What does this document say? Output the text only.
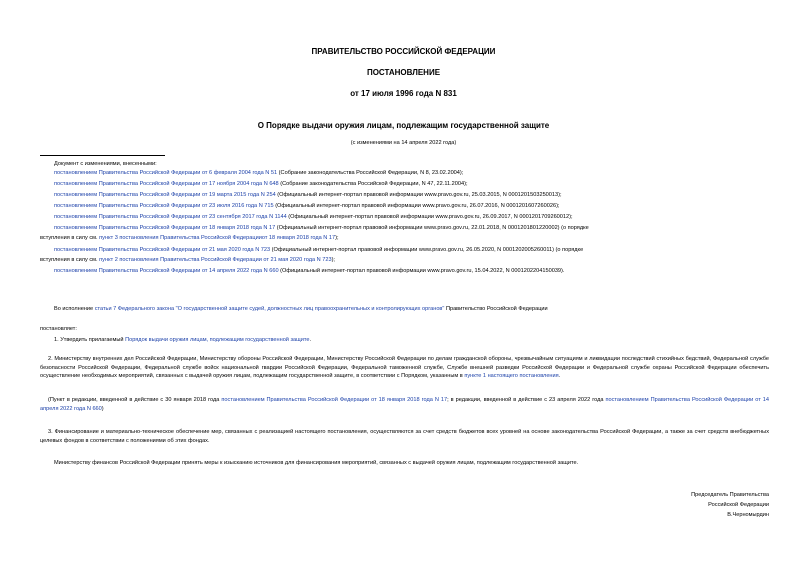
ПРАВИТЕЛЬСТВО РОССИЙСКОЙ ФЕДЕРАЦИИ
ПОСТАНОВЛЕНИЕ
от 17 июля 1996 года N 831
О Порядке выдачи оружия лицам, подлежащим государственной защите
(с изменениями на 14 апреля 2022 года)
Документ с изменениями, внесенными:
постановлением Правительства Российской Федерации от 6 февраля 2004 года N 51 (Собрание законодательства Российской Федерации, N 8, 23.02.2004);
постановлением Правительства Российской Федерации от 17 ноября 2004 года N 648 (Собрание законодательства Российской Федерации, N 47, 22.11.2004);
постановлением Правительства Российской Федерации от 19 марта 2015 года N 254 (Официальный интернет-портал правовой информации www.pravo.gov.ru, 25.03.2015, N 0001201503250013);
постановлением Правительства Российской Федерации от 23 июля 2016 года N 715 (Официальный интернет-портал правовой информации www.pravo.gov.ru, 26.07.2016, N 0001201607260026);
постановлением Правительства Российской Федерации от 23 сентября 2017 года N 1144 (Официальный интернет-портал правовой информации www.pravo.gov.ru, 26.09.2017, N 0001201709260012);
постановлением Правительства Российской Федерации от 18 января 2018 года N 17 (Официальный интернет-портал правовой информации www.pravo.gov.ru, 22.01.2018, N 0001201801220002) (о порядке
вступления в силу см. пункт 3 постановления Правительства Российской Федерацииот 18 января 2018 года N 17);
постановлением Правительства Российской Федерации от 21 мая 2020 года N 723 (Официальный интернет-портал правовой информации www.pravo.gov.ru, 26.05.2020, N 0001202005260011) (о порядке
вступления в силу см. пункт 2 постановления Правительства Российской Федерации от 21 мая 2020 года N 723);
постановлением Правительства Российской Федерации от 14 апреля 2022 года N 660 (Официальный интернет-портал правовой информации www.pravo.gov.ru, 15.04.2022, N 0001202204150039).
Во исполнение статьи 7 Федерального закона "О государственной защите судей, должностных лиц правоохранительных и контролирующих органов" Правительство Российской Федерации
постановляет:
1. Утвердить прилагаемый Порядок выдачи оружия лицам, подлежащим государственной защите.
2. Министерству внутренних дел Российской Федерации, Министерству обороны Российской Федерации, Министерству Российской Федерации по делам гражданской обороны, чрезвычайным ситуациям и ликвидации последствий стихийных бедствий, Федеральной службе безопасности Российской Федерации, Федеральной службе войск национальной гвардии Российской Федерации, Федеральной таможенной службе, Службе внешней разведки Российской Федерации и Федеральной службе охраны Российской Федерации обеспечить осуществление необходимых мероприятий, связанных с выдачей оружия лицам, подлежащим государственной защите, в соответствии с Порядком, указанным в пункте 1 настоящего постановления.
(Пункт в редакции, введенной в действие с 30 января 2018 года постановлением Правительства Российской Федерации от 18 января 2018 года N 17; в редакции, введенной в действие с 23 апреля 2022 года постановлением Правительства Российской Федерации от 14 апреля 2022 года N 660)
3. Финансирование и материально-техническое обеспечение мер, связанных с реализацией настоящего постановления, осуществляются за счет средств бюджетов всех уровней на основе законодательства Российской Федерации, а также за счет средств внебюджетных целевых фондов в соответствии с положениями об этих фондах.
Министерству финансов Российской Федерации принять меры к изысканию источников для финансирования мероприятий, связанных с выдачей оружия лицам, подлежащим государственной защите.
Председатель Правительства
Российской Федерации
В.Черномырдин
